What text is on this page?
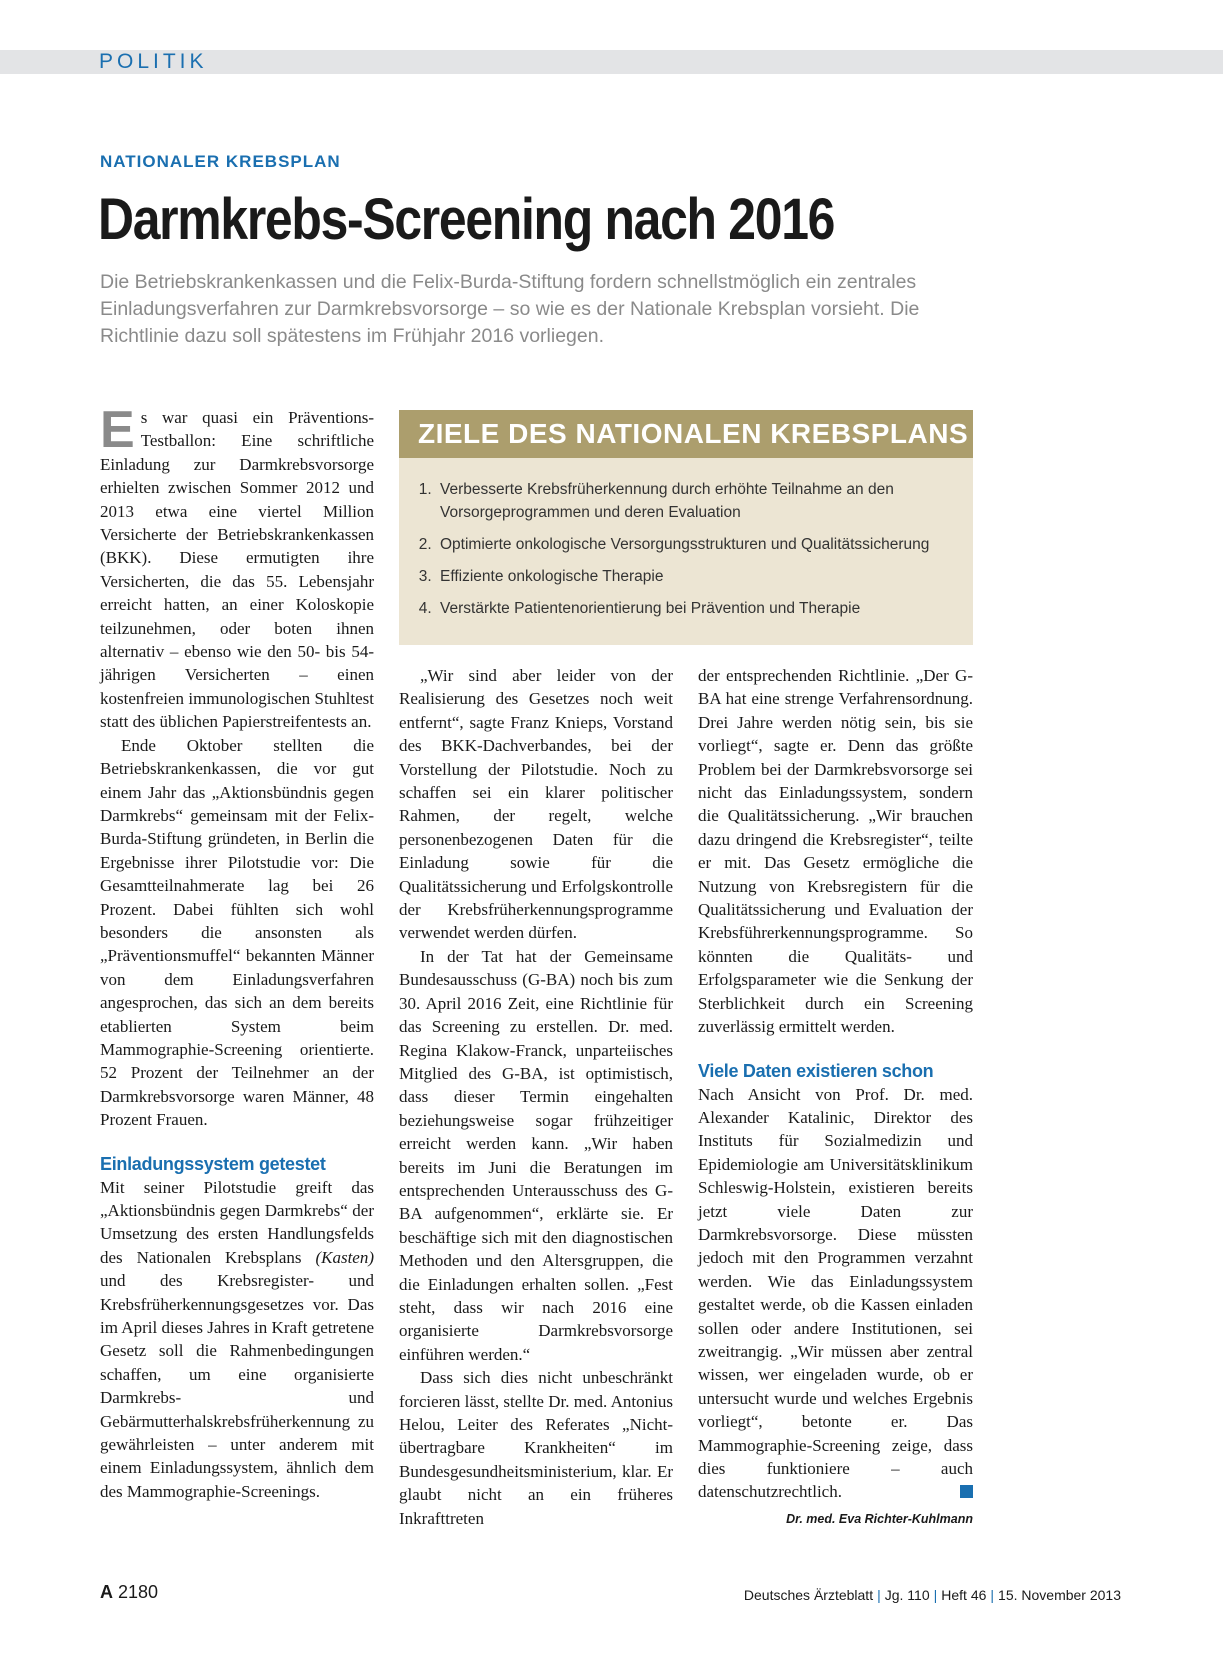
POLITIK
NATIONALER KREBSPLAN
Darmkrebs-Screening nach 2016

Die Betriebskrankenkassen und die Felix-Burda-Stiftung fordern schnellstmöglich ein zentrales Einladungsverfahren zur Darmkrebsvorsorge – so wie es der Nationale Krebsplan vorsieht. Die Richtlinie dazu soll spätestens im Frühjahr 2016 vorliegen.

Es war quasi ein Präventions-Testballon: Eine schriftliche Einladung zur Darmkrebsvorsorge erhielten zwischen Sommer 2012 und 2013 etwa eine viertel Million Versicherte der Betriebskrankenkassen (BKK). Diese ermutigten ihre Versicherten, die das 55. Lebensjahr erreicht hatten, an einer Koloskopie teilzunehmen, oder boten ihnen alternativ – ebenso wie den 50- bis 54-jährigen Versicherten – einen kostenfreien immunologischen Stuhltest statt des üblichen Papierstreifentests an.

Ende Oktober stellten die Betriebskrankenkassen, die vor gut einem Jahr das „Aktionsbündnis gegen Darmkrebs“ gemeinsam mit der Felix-Burda-Stiftung gründeten, in Berlin die Ergebnisse ihrer Pilotstudie vor: Die Gesamtteilnahmerate lag bei 26 Prozent. Dabei fühlten sich wohl besonders die ansonsten als „Präventionsmuffel“ bekannten Männer von dem Einladungsverfahren angesprochen, das sich an dem bereits etablierten System beim Mammographie-Screening orientierte. 52 Prozent der Teilnehmer an der Darmkrebsvorsorge waren Männer, 48 Prozent Frauen.

Einladungssystem getestet

Mit seiner Pilotstudie greift das „Aktionsbündnis gegen Darmkrebs“ der Umsetzung des ersten Handlungsfelds des Nationalen Krebsplans (Kasten) und des Krebsregister- und Krebsfrüherkennungsgesetzes vor. Das im April dieses Jahres in Kraft getretene Gesetz soll die Rahmenbedingungen schaffen, um eine organisierte Darmkrebs- und Gebärmutterhalskrebsfrüherkennung zu gewährleisten – unter anderem mit einem Einladungssystem, ähnlich dem des Mammographie-Screenings.

ZIELE DES NATIONALEN KREBSPLANS
1. Verbesserte Krebsfrüherkennung durch erhöhte Teilnahme an den Vorsorgeprogrammen und deren Evaluation
2. Optimierte onkologische Versorgungsstrukturen und Qualitätssicherung
3. Effiziente onkologische Therapie
4. Verstärkte Patientenorientierung bei Prävention und Therapie

„Wir sind aber leider von der Realisierung des Gesetzes noch weit entfernt“, sagte Franz Knieps, Vorstand des BKK-Dachverbandes, bei der Vorstellung der Pilotstudie. Noch zu schaffen sei ein klarer politischer Rahmen, der regelt, welche personenbezogenen Daten für die Einladung sowie für die Qualitätssicherung und Erfolgskontrolle der Krebsfrüherkennungsprogramme verwendet werden dürfen.

In der Tat hat der Gemeinsame Bundesausschuss (G-BA) noch bis zum 30. April 2016 Zeit, eine Richtlinie für das Screening zu erstellen. Dr. med. Regina Klakow-Franck, unparteiisches Mitglied des G-BA, ist optimistisch, dass dieser Termin eingehalten beziehungsweise sogar frühzeitiger erreicht werden kann. „Wir haben bereits im Juni die Beratungen im entsprechenden Unterausschuss des G-BA aufgenommen“, erklärte sie. Er beschäftige sich mit den diagnostischen Methoden und den Altersgruppen, die die Einladungen erhalten sollen. „Fest steht, dass wir nach 2016 eine organisierte Darmkrebsvorsorge einführen werden.“

Dass sich dies nicht unbeschränkt forcieren lässt, stellte Dr. med. Antonius Helou, Leiter des Referates „Nicht-übertragbare Krankheiten“ im Bundesgesundheitsministerium, klar. Er glaubt nicht an ein früheres Inkrafttreten

der entsprechenden Richtlinie. „Der G-BA hat eine strenge Verfahrensordnung. Drei Jahre werden nötig sein, bis sie vorliegt“, sagte er. Denn das größte Problem bei der Darmkrebsvorsorge sei nicht das Einladungssystem, sondern die Qualitätssicherung. „Wir brauchen dazu dringend die Krebsregister“, teilte er mit. Das Gesetz ermögliche die Nutzung von Krebsregistern für die Qualitätssicherung und Evaluation der Krebsführerkennungsprogramme. So könnten die Qualitäts- und Erfolgsparameter wie die Senkung der Sterblichkeit durch ein Screening zuverlässig ermittelt werden.

Viele Daten existieren schon

Nach Ansicht von Prof. Dr. med. Alexander Katalinic, Direktor des Instituts für Sozialmedizin und Epidemiologie am Universitätsklinikum Schleswig-Holstein, existieren bereits jetzt viele Daten zur Darmkrebsvorsorge. Diese müssten jedoch mit den Programmen verzahnt werden. Wie das Einladungssystem gestaltet werde, ob die Kassen einladen sollen oder andere Institutionen, sei zweitrangig. „Wir müssen aber zentral wissen, wer eingeladen wurde, ob er untersucht wurde und welches Ergebnis vorliegt“, betonte er. Das Mammographie-Screening zeige, dass dies funktioniere – auch datenschutzrechtlich.

Dr. med. Eva Richter-Kuhlmann
A 2180	Deutsches Ärzteblatt | Jg. 110 | Heft 46 | 15. November 2013
